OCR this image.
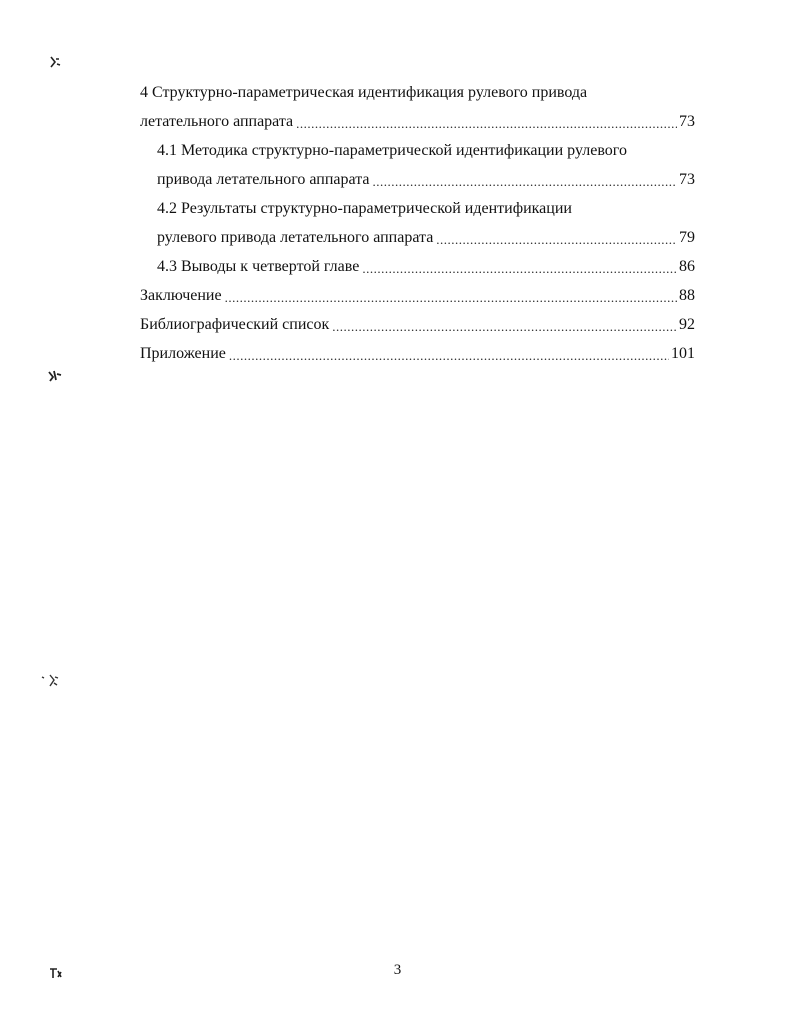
4 Структурно-параметрическая идентификация рулевого привода
летательного аппарата .....	73
4.1 Методика структурно-параметрической идентификации рулевого
привода летательного аппарата .....	73
4.2 Результаты структурно-параметрической идентификации
рулевого привода летательного аппарата .....	79
4.3 Выводы к четвертой главе .....	86
Заключение .....	88
Библиографический список .....	92
Приложение .....	101
3
